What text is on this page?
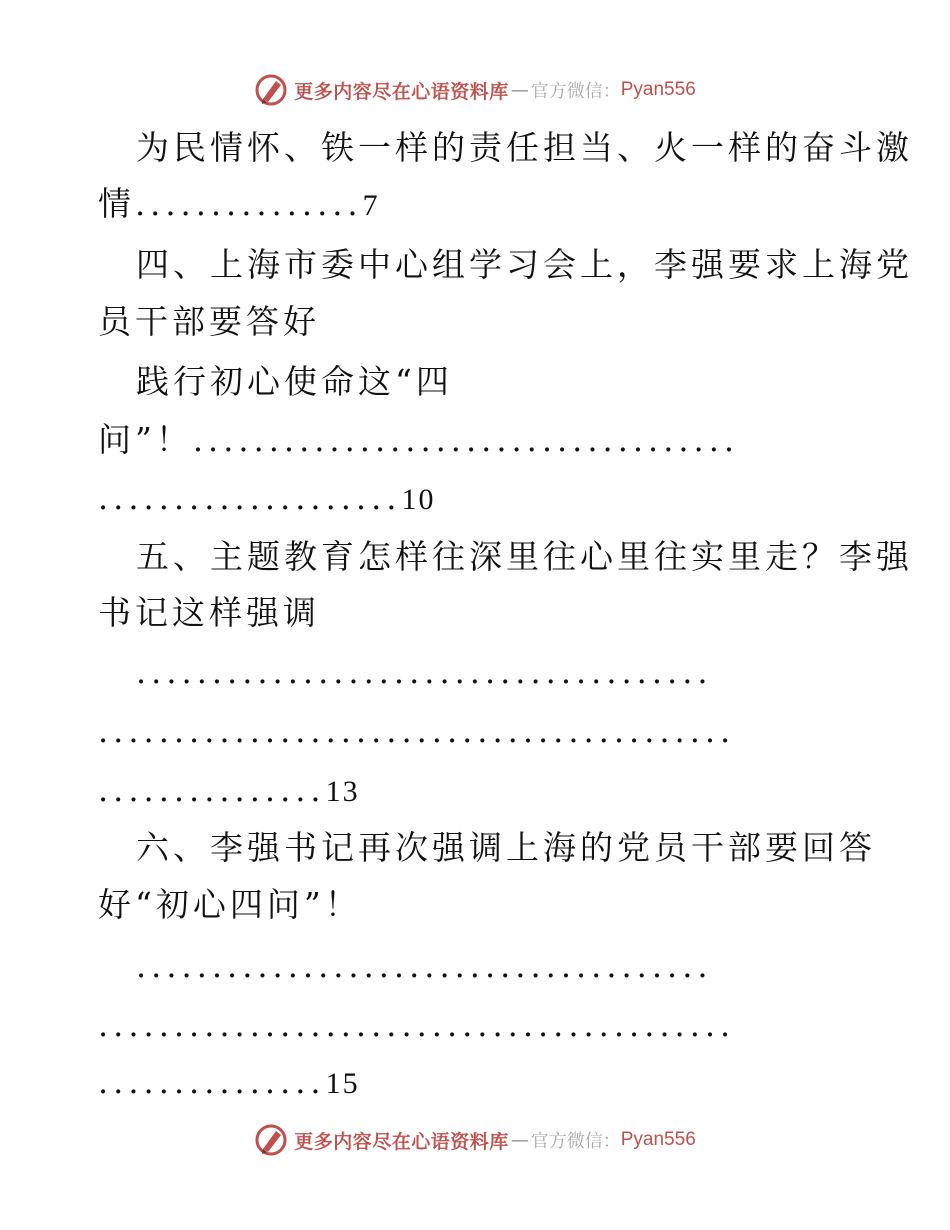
更多内容尽在心语资料库 — 官方微信： Pyan556
为民情怀、铁一样的责任担当、火一样的奋斗激
情...............7
四、上海市委中心组学习会上，李强要求上海党
员干部要答好
践行初心使命这“四
问”！....................................
....................10
五、主题教育怎样往深里往心里往实里走？李强
书记这样强调
......................................
..........................................
...............13
六、李强书记再次强调上海的党员干部要回答
好“初心四问”！
......................................
..........................................
...............15
更多内容尽在心语资料库 — 官方微信： Pyan556
